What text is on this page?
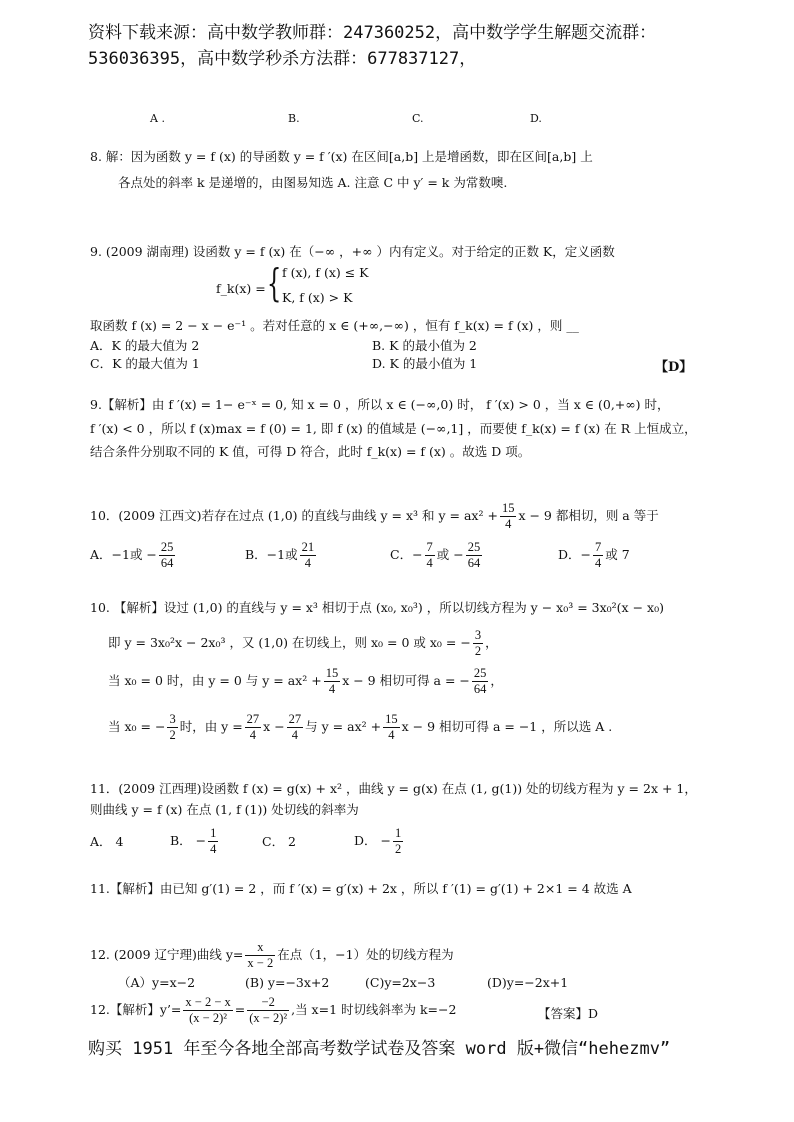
资料下载来源：高中数学教师群：247360252，高中数学学生解题交流群：
536036395，高中数学秒杀方法群：677837127，
A .	B.	C.	D.
8. 解：因为函数 y = f (x) 的导函数 y = f ′(x) 在区间[a,b] 上是增函数，即在区间[a,b] 上
各点处的斜率 k 是递增的，由图易知选 A. 注意 C 中 y′ = k 为常数噢.
9. (2009 湖南理) 设函数 y = f (x) 在（−∞ ，+∞ ）内有定义。对于给定的正数 K，定义函数
f_k(x) = { f (x), f (x) ≤ K
K, f (x) > K
取函数 f (x) = 2 − x − e⁻¹ 。若对任意的 x ∈ (+∞,−∞) ，恒有 f_k(x) = f (x) ，则 __
A．K 的最大值为 2	B. K 的最小值为 2
C．K 的最大值为 1	D. K 的最小值为 1	【D】
9.【解析】由 f ′(x) = 1− e⁻ˣ = 0, 知 x = 0 ，所以 x ∈ (−∞,0) 时， f ′(x) > 0 ，当 x ∈ (0,+∞) 时，
f ′(x) < 0 ，所以 f (x)max = f (0) = 1, 即 f (x) 的值域是 (−∞,1] ，而要使 f_k(x) = f (x) 在 R 上恒成立，
结合条件分别取不同的 K 值，可得 D 符合，此时 f_k(x) = f (x) 。故选 D 项。
10．(2009 江西文)若存在过点 (1,0) 的直线与曲线 y = x³ 和 $y = ax^2 + \frac{15}{4}$ x − 9 都相切，则 a 等于
A．−1或 − $\frac{25}{64}$	B．−1或 $\frac{21}{4}$	C．− $\frac{7}{4}$ 或 − $\frac{25}{64}$	D．− $\frac{7}{4}$ 或 7
10. 【解析】设过 (1,0) 的直线与 y = x³ 相切于点 (x₀, x₀³) ，所以切线方程为 y − x₀³ = 3x₀²(x − x₀)
即 y = 3x₀²x − 2x₀³ ，又 (1,0) 在切线上，则 x₀ = 0 或 x₀ = − $\frac{3}{2}$ ，
当 x₀ = 0 时，由 y = 0 与 $y = ax^2 + \frac{15}{4}$ x − 9 相切可得 a = − $\frac{25}{64}$ ，
当 x₀ = − $\frac{3}{2}$ 时，由 $y = \frac{27}{4}$ $x - \frac{27}{4}$ 与 $y = ax^2 + \frac{15}{4}$ x − 9 相切可得 a = −1 ，所以选 A .
11．(2009 江西理)设函数 f (x) = g(x) + x² ，曲线 y = g(x) 在点 (1, g(1)) 处的切线方程为 y = 2x + 1，
则曲线 y = f (x) 在点 (1, f (1)) 处切线的斜率为
A． 4	B． − $\frac{1}{4}$	C． 2	D． − $\frac{1}{2}$
11.【解析】由已知 g′(1) = 2 ，而 f ′(x) = g′(x) + 2x ，所以 f ′(1) = g′(1) + 2×1 = 4 故选 A
12. (2009 辽宁理)曲线 $y= \frac{x}{x - 2}$ 在点（1，−1）处的切线方程为
（A）y=x−2	(B) y=−3x+2	(C)y=2x−3	(D)y=−2x+1
12.【解析】y’= $\frac{x - 2 - x}{\text{(x − 2)²}} = \frac{-2}{\text{(x − 2)²}}$ ,当 x=1 时切线斜率为 k=−2	【答案】D
购买 1951 年至今各地全部高考数学试卷及答案 word 版+微信“hehezmv”
